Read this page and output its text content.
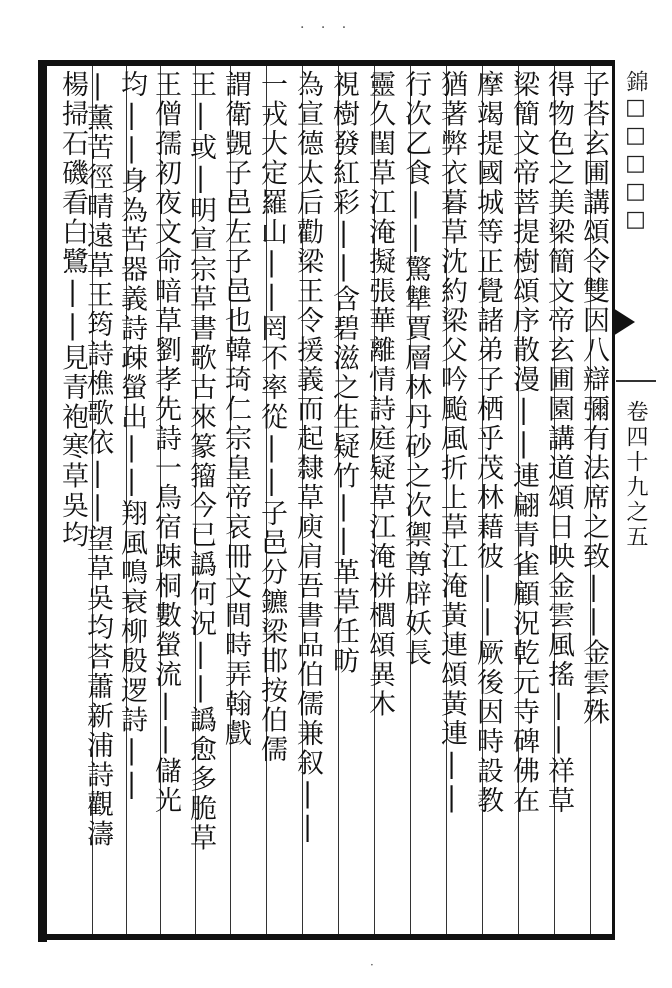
· · ·
子荅玄圃講頌令雙因八辯彌有法席之致||金雲殊
得物色之美梁簡文帝玄圃園講道頌日映金雲風搖||祥草
梁簡文帝菩提樹頌序散漫||連翩青雀顧況乾元寺碑佛在
摩竭提國城等正覺諸弟子栖乎茂林藉彼||厥後因時設教
猶著弊衣暮草沈約梁父吟颱風折上草江淹黃連頌黃連||
行次乙食||驚犨賈層林丹砂之次禦尊辟妖長
靈久閨草江淹擬張華離情詩庭疑草江淹栟櫚頌異木
視樹發紅彩||含碧滋之生疑竹||革草任昉
為宣德太后勸梁王令援義而起隸草庾肩吾書品伯儒兼叙||
一戎大定羅山||罔不率從||子邑分鑣梁邯按伯儒
謂衛覬子邑左子邑也韓琦仁宗皇帝哀冊文間時弄翰戲
王|或|明宣宗草書歌古來篆籀今已譌何況||譌愈多脆草
王僧孺初夜文命暗草劉孝先詩一鳥宿踈桐數螢流||儲光
均||身為苦器義詩疎螢出||翔風鳴衰柳殷逻詩||
|薰苦徑晴遠草王筠詩樵歌依||望草吳均荅蕭新浦詩觀濤
楊掃石磯看白鷺||見青袍寒草吳均	錦□□□□□
卷四十九之五
·
